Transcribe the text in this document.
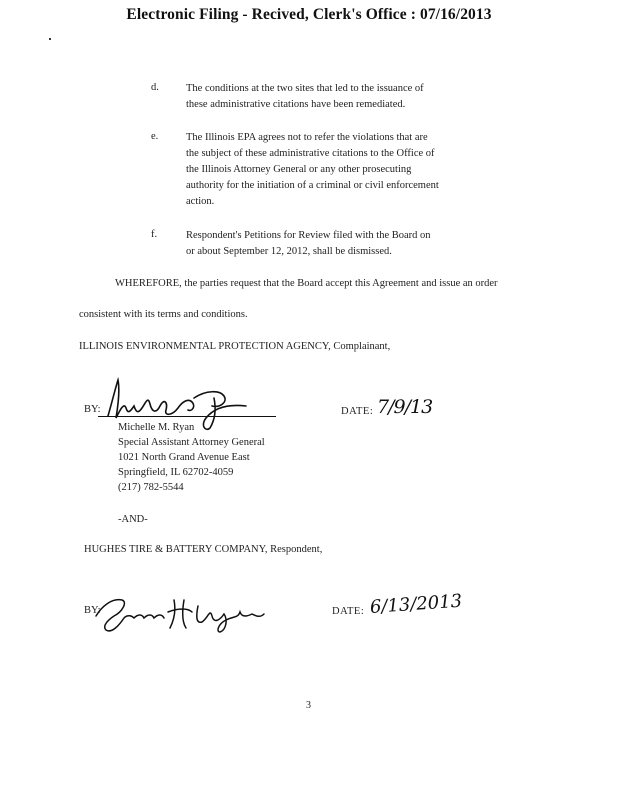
Electronic Filing - Recived, Clerk's Office : 07/16/2013
d.	The conditions at the two sites that led to the issuance of
these administrative citations have been remediated.
e.	The Illinois EPA agrees not to refer the violations that are
the subject of these administrative citations to the Office of
the Illinois Attorney General or any other prosecuting
authority for the initiation of a criminal or civil enforcement
action.
f.	Respondent's Petitions for Review filed with the Board on
or about September 12, 2012, shall be dismissed.
WHEREFORE, the parties request that the Board accept this Agreement and issue an order
consistent with its terms and conditions.
ILLINOIS ENVIRONMENTAL PROTECTION AGENCY, Complainant,
BY:	DATE: 7/9/13
Michelle M. Ryan
Special Assistant Attorney General
1021 North Grand Avenue East
Springfield, IL 62702-4059
(217) 782-5544
-AND-
HUGHES TIRE & BATTERY COMPANY, Respondent,
BY:	DATE: 6/13/2013
3
